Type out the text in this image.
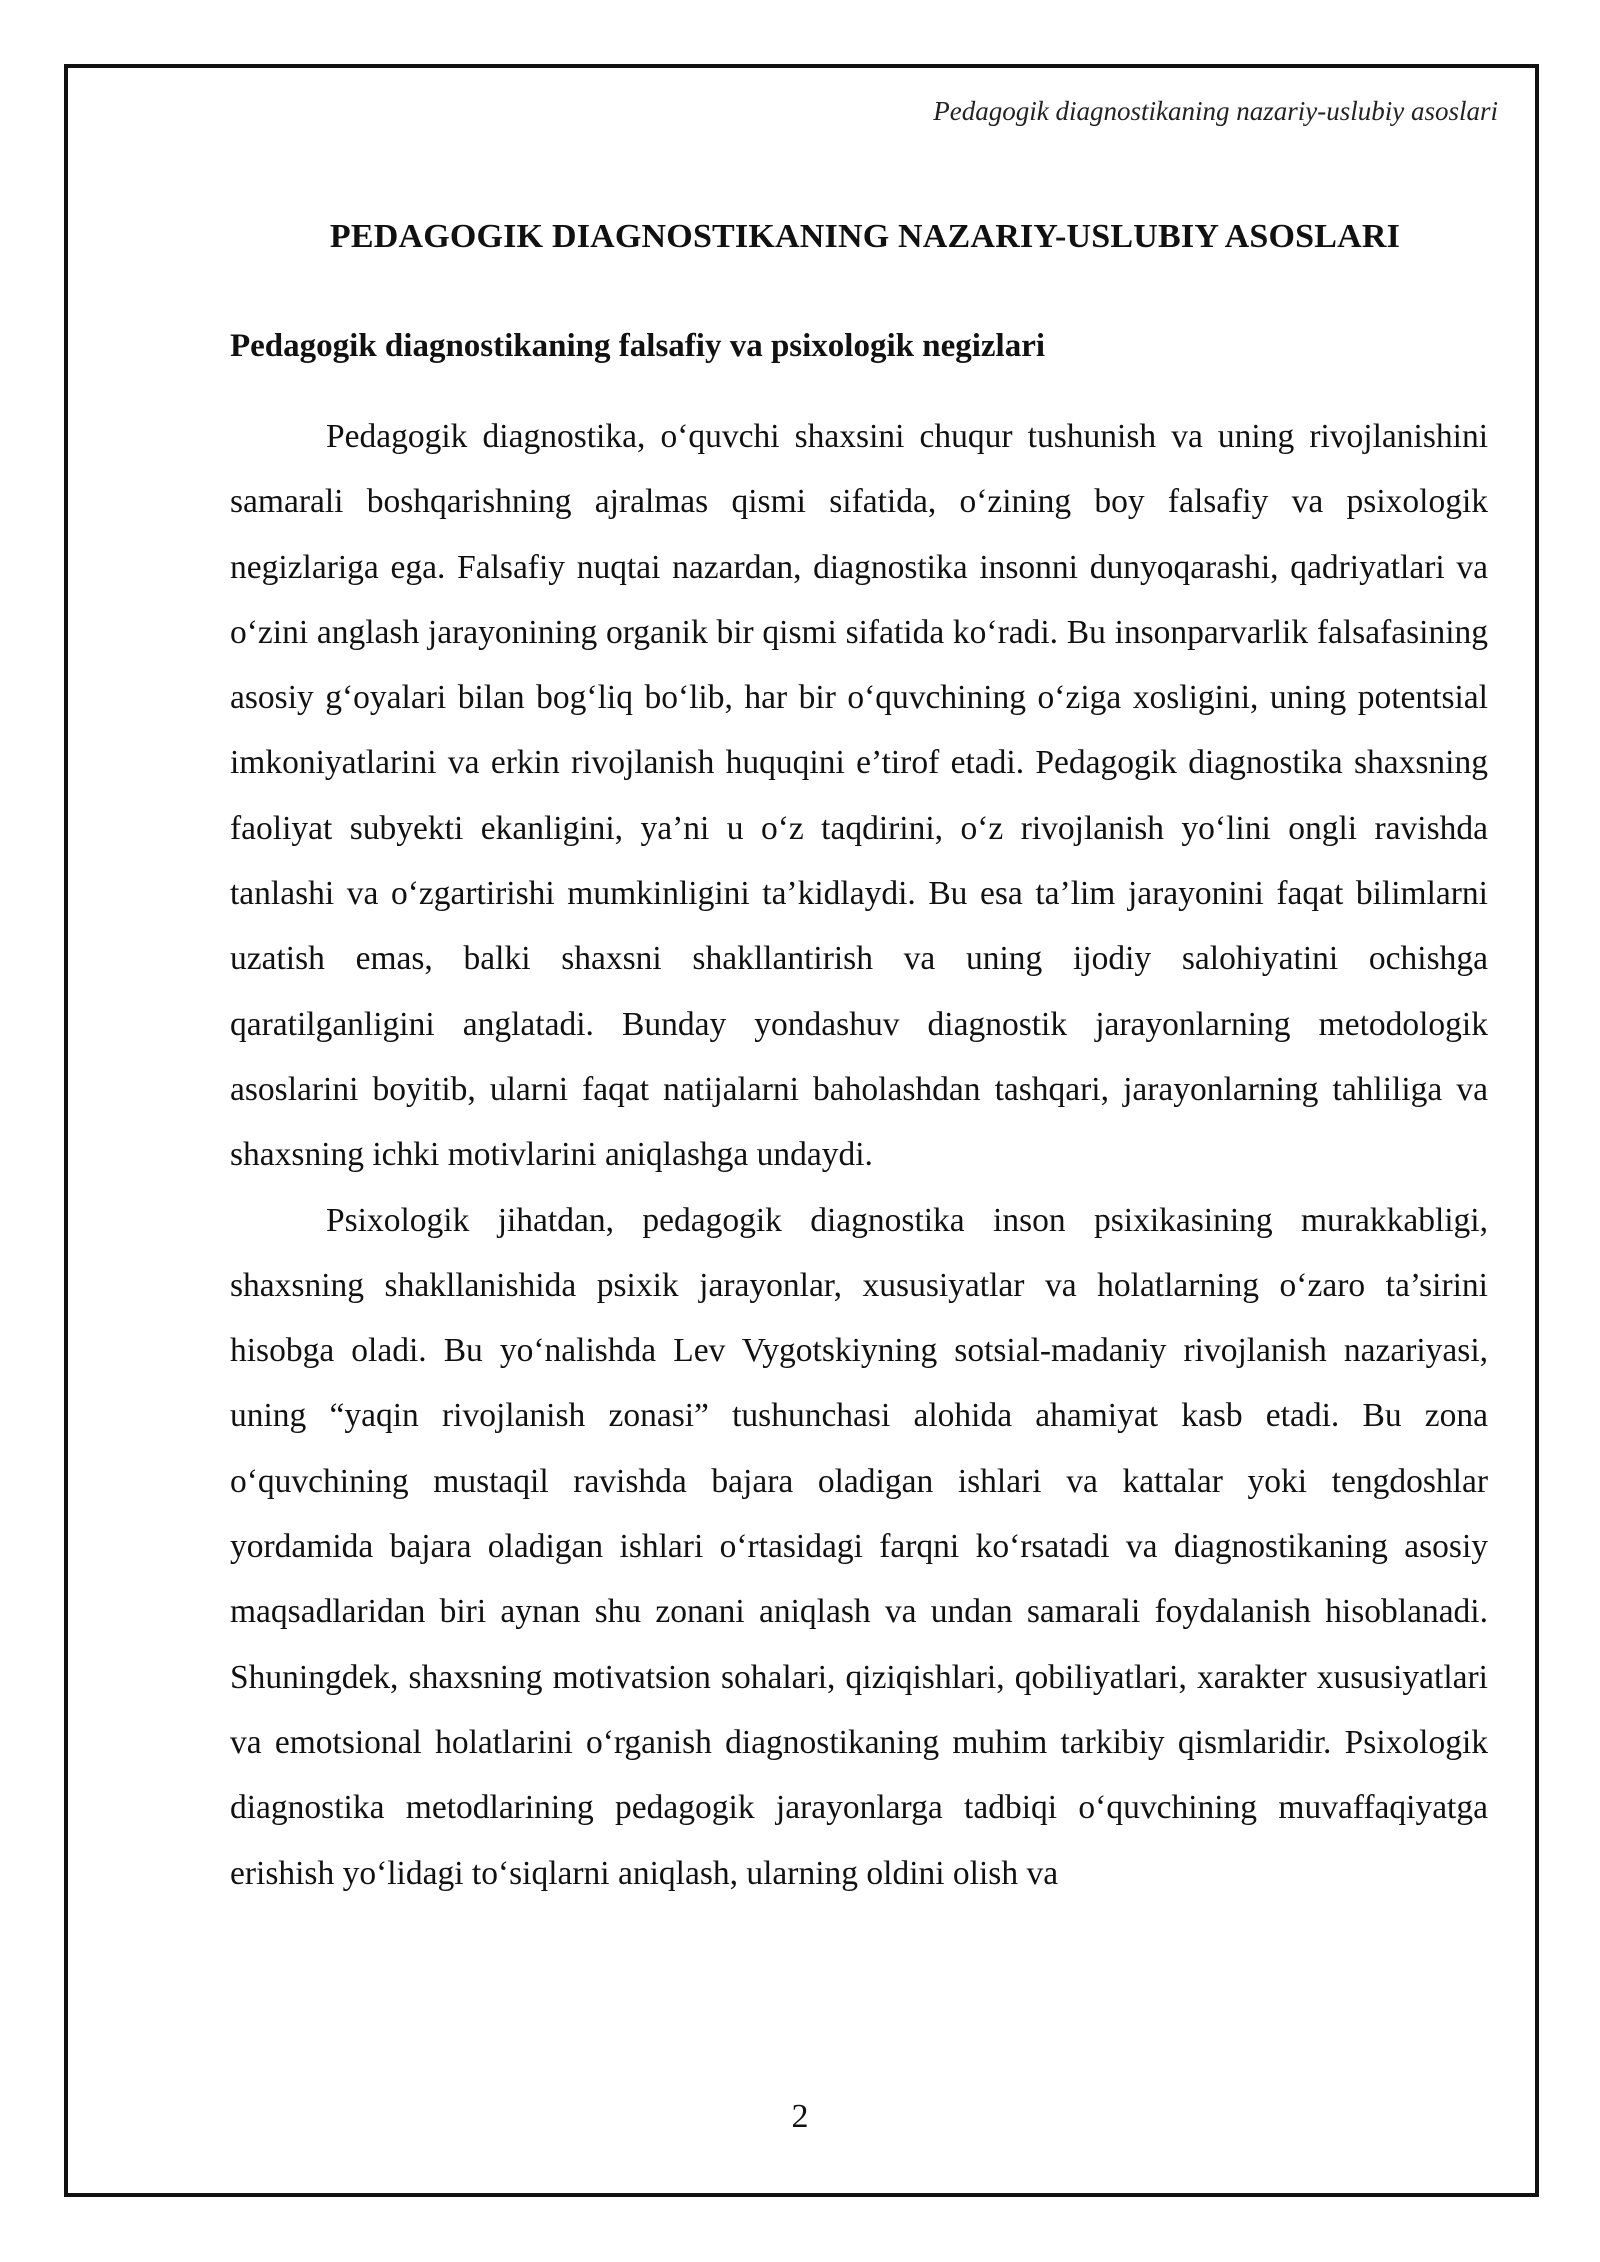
Pedagogik diagnostikaning nazariy-uslubiy asoslari
PEDAGOGIK DIAGNOSTIKANING NAZARIY-USLUBIY ASOSLARI
Pedagogik diagnostikaning falsafiy va psixologik negizlari

Pedagogik diagnostika, o‘quvchi shaxsini chuqur tushunish va uning rivojlanishini samarali boshqarishning ajralmas qismi sifatida, o‘zining boy falsafiy va psixologik negizlariga ega. Falsafiy nuqtai nazardan, diagnostika insonni dunyoqarashi, qadriyatlari va o‘zini anglash jarayonining organik bir qismi sifatida ko‘radi. Bu insonparvarlik falsafasining asosiy g‘oyalari bilan bog‘liq bo‘lib, har bir o‘quvchining o‘ziga xosligini, uning potentsial imkoniyatlarini va erkin rivojlanish huquqini e’tirof etadi. Pedagogik diagnostika shaxsning faoliyat subyekti ekanligini, ya’ni u o‘z taqdirini, o‘z rivojlanish yo‘lini ongli ravishda tanlashi va o‘zgartirishi mumkinligini ta’kidlaydi. Bu esa ta’lim jarayonini faqat bilimlarni uzatish emas, balki shaxsni shakllantirish va uning ijodiy salohiyatini ochishga qaratilganligini anglatadi. Bunday yondashuv diagnostik jarayonlarning metodologik asoslarini boyitib, ularni faqat natijalarni baholashdan tashqari, jarayonlarning tahliliga va shaxsning ichki motivlarini aniqlashga undaydi.

Psixologik jihatdan, pedagogik diagnostika inson psixikasining murakkabligi, shaxsning shakllanishida psixik jarayonlar, xususiyatlar va holatlarning o‘zaro ta’sirini hisobga oladi. Bu yo‘nalishda Lev Vygotskiyning sotsial-madaniy rivojlanish nazariyasi, uning “yaqin rivojlanish zonasi” tushunchasi alohida ahamiyat kasb etadi. Bu zona o‘quvchining mustaqil ravishda bajara oladigan ishlari va kattalar yoki tengdoshlar yordamida bajara oladigan ishlari o‘rtasidagi farqni ko‘rsatadi va diagnostikaning asosiy maqsadlaridan biri aynan shu zonani aniqlash va undan samarali foydalanish hisoblanadi. Shuningdek, shaxsning motivatsion sohalari, qiziqishlari, qobiliyatlari, xarakter xususiyatlari va emotsional holatlarini o‘rganish diagnostikaning muhim tarkibiy qismlaridir. Psixologik diagnostika metodlarining pedagogik jarayonlarga tadbiqi o‘quvchining muvaffaqiyatga erishish yo‘lidagi to‘siqlarni aniqlash, ularning oldini olish va

2
